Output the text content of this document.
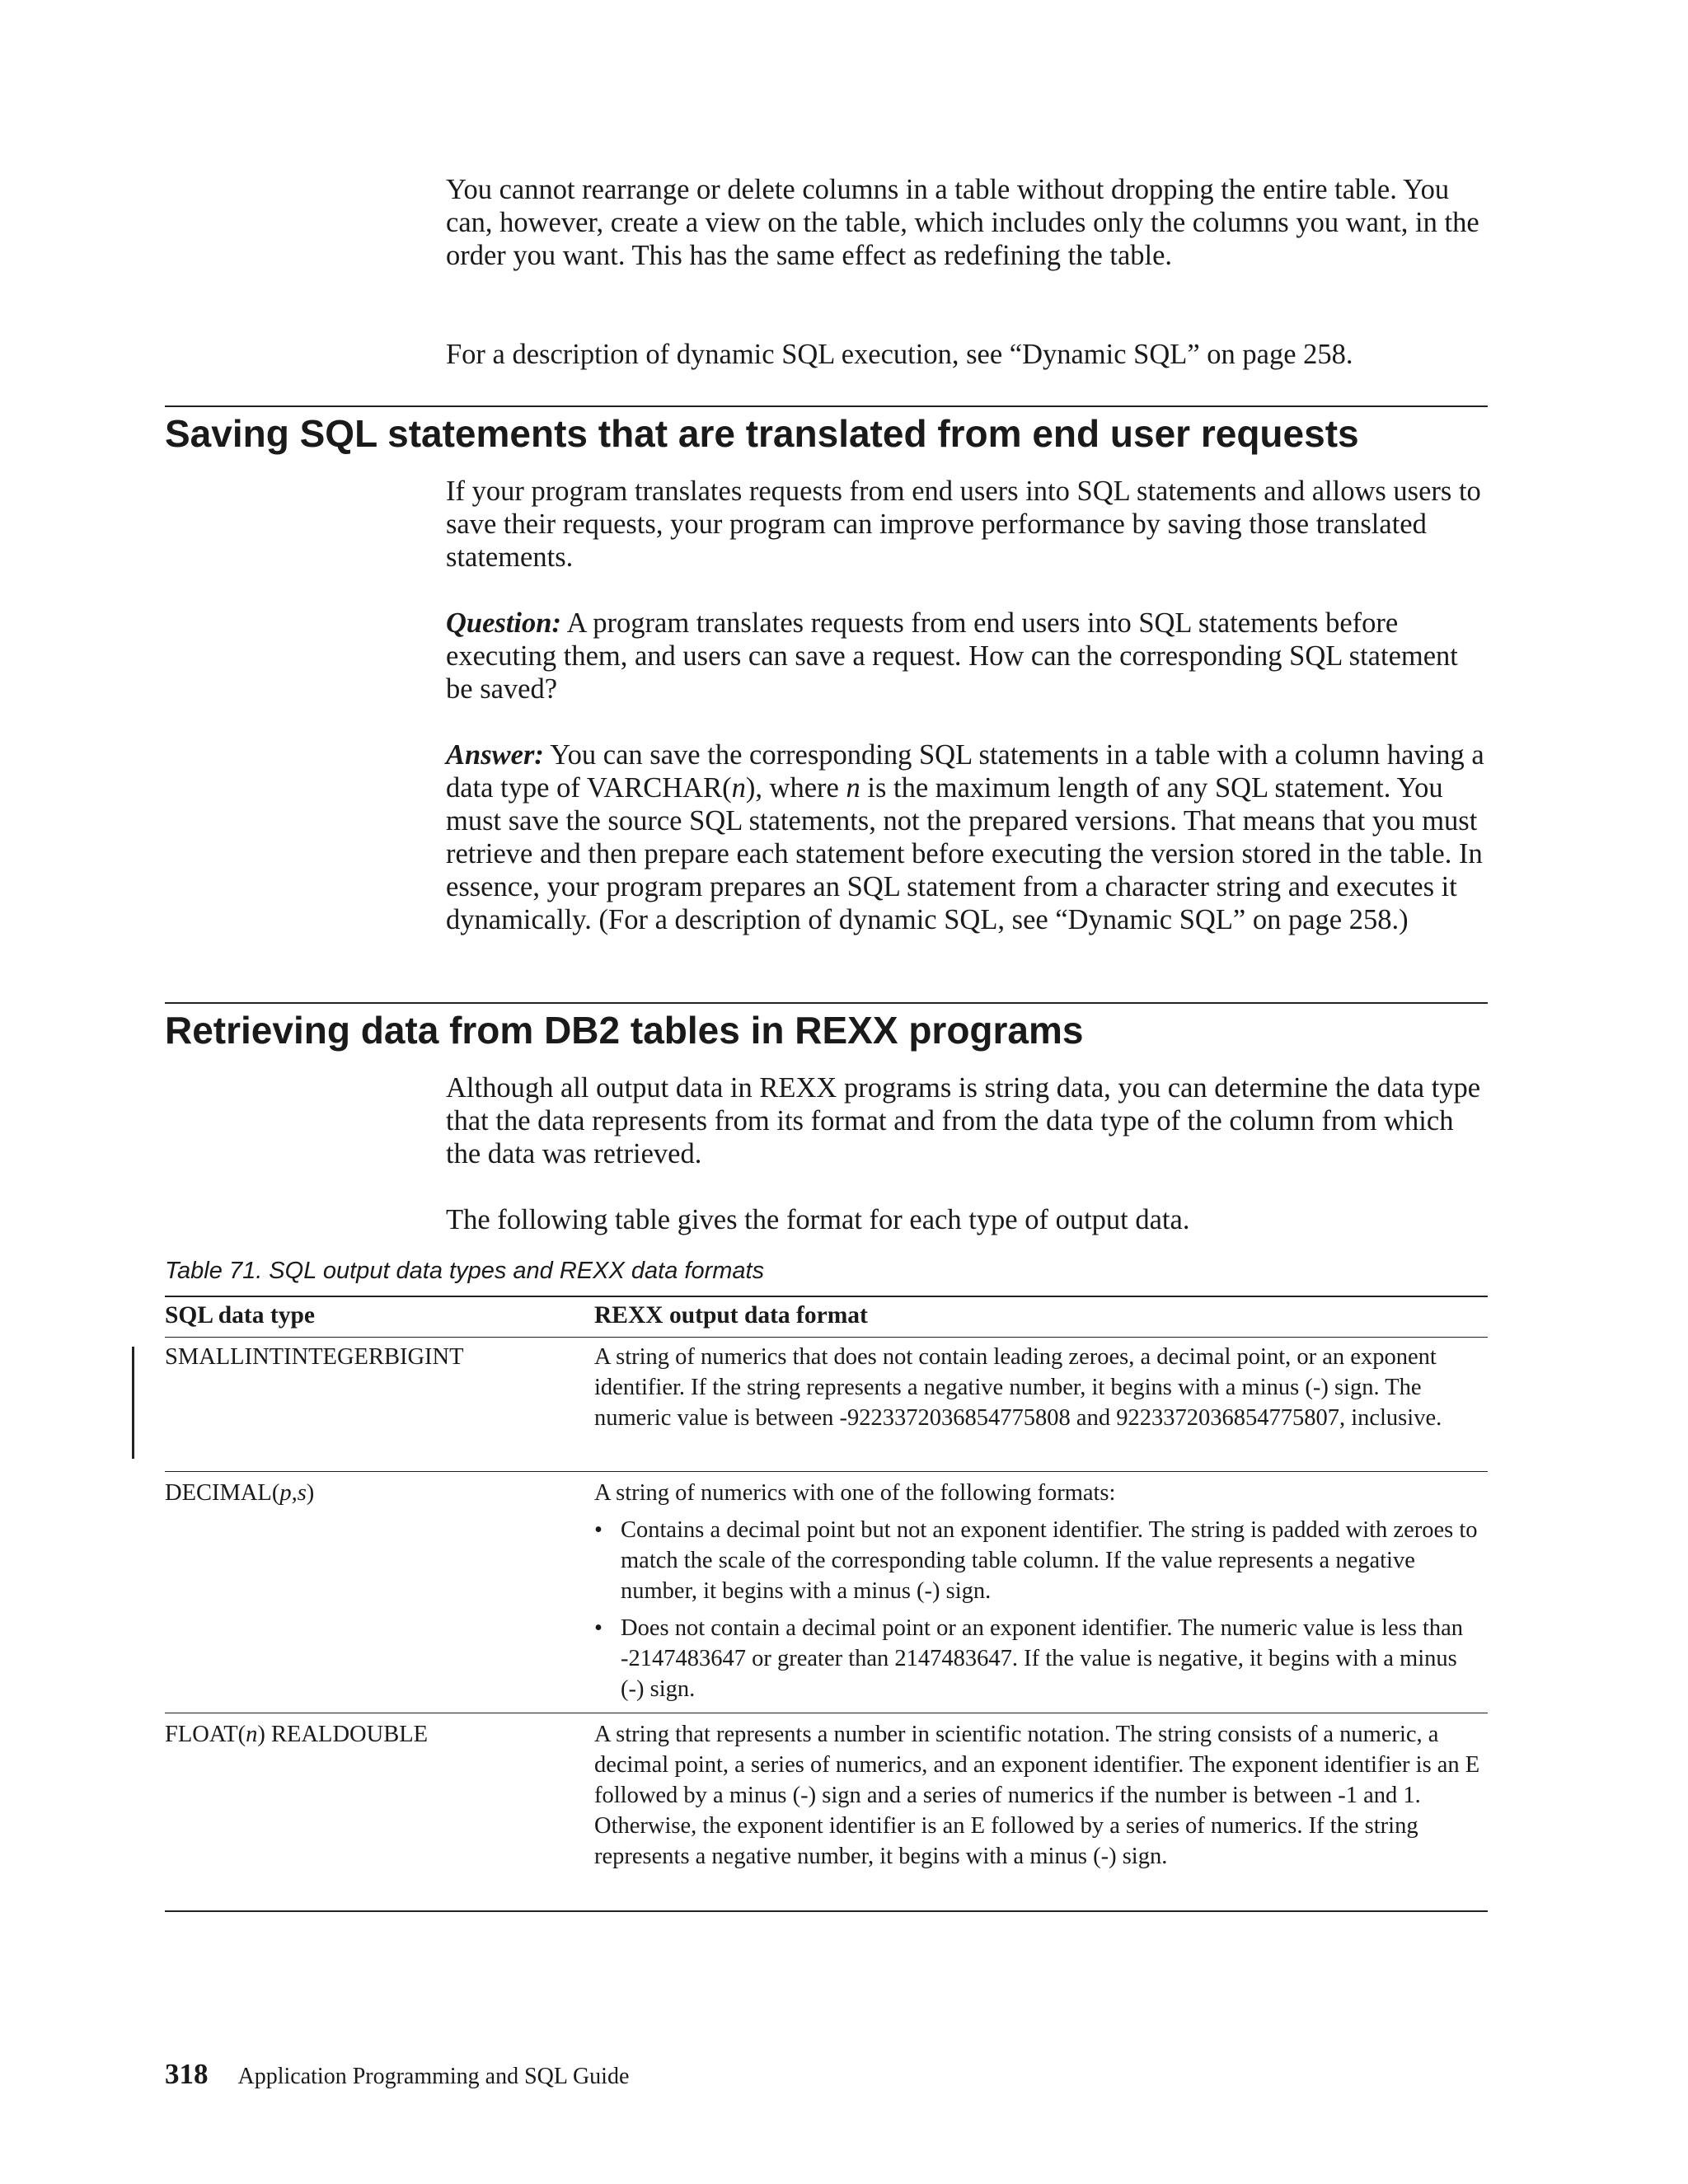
You cannot rearrange or delete columns in a table without dropping the entire table. You can, however, create a view on the table, which includes only the columns you want, in the order you want. This has the same effect as redefining the table.

For a description of dynamic SQL execution, see “Dynamic SQL” on page 258.

Saving SQL statements that are translated from end user requests

If your program translates requests from end users into SQL statements and allows users to save their requests, your program can improve performance by saving those translated statements.

Question: A program translates requests from end users into SQL statements before executing them, and users can save a request. How can the corresponding SQL statement be saved?

Answer: You can save the corresponding SQL statements in a table with a column having a data type of VARCHAR(n), where n is the maximum length of any SQL statement. You must save the source SQL statements, not the prepared versions. That means that you must retrieve and then prepare each statement before executing the version stored in the table. In essence, your program prepares an SQL statement from a character string and executes it dynamically. (For a description of dynamic SQL, see “Dynamic SQL” on page 258.)

Retrieving data from DB2 tables in REXX programs

Although all output data in REXX programs is string data, you can determine the data type that the data represents from its format and from the data type of the column from which the data was retrieved.

The following table gives the format for each type of output data.

Table 71. SQL output data types and REXX data formats
SQL data type	REXX output data format
SMALLINTINTEGERBIGINT	A string of numerics that does not contain leading zeroes, a decimal point, or an exponent identifier. If the string represents a negative number, it begins with a minus (-) sign. The numeric value is between -9223372036854775808 and 9223372036854775807, inclusive.
DECIMAL(p,s)	A string of numerics with one of the following formats:
• Contains a decimal point but not an exponent identifier. The string is padded with zeroes to match the scale of the corresponding table column. If the value represents a negative number, it begins with a minus (-) sign.
• Does not contain a decimal point or an exponent identifier. The numeric value is less than -2147483647 or greater than 2147483647. If the value is negative, it begins with a minus (-) sign.
FLOAT(n) REALDOUBLE	A string that represents a number in scientific notation. The string consists of a numeric, a decimal point, a series of numerics, and an exponent identifier. The exponent identifier is an E followed by a minus (-) sign and a series of numerics if the number is between -1 and 1. Otherwise, the exponent identifier is an E followed by a series of numerics. If the string represents a negative number, it begins with a minus (-) sign.
318 Application Programming and SQL Guide
